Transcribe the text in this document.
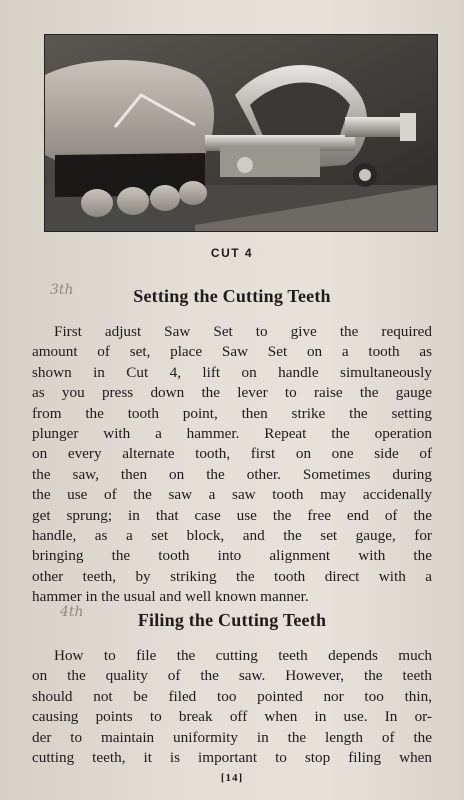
CUT 4
3th	Setting the Cutting Teeth
First adjust Saw Set to give the required
amount of set, place Saw Set on a tooth as
shown in Cut 4, lift on handle simultaneously
as you press down the lever to raise the gauge
from the tooth point, then strike the setting
plunger with a hammer. Repeat the operation
on every alternate tooth, first on one side of
the saw, then on the other. Sometimes during
the use of the saw a saw tooth may accidenally
get sprung; in that case use the free end of the
handle, as a set block, and the set gauge, for
bringing the tooth into alignment with the
other teeth, by striking the tooth direct with a
hammer in the usual and well known manner.
4th	Filing the Cutting Teeth
How to file the cutting teeth depends much
on the quality of the saw. However, the teeth
should not be filed too pointed nor too thin,
causing points to break off when in use. In or-
der to maintain uniformity in the length of the
cutting teeth, it is important to stop filing when
[14]
